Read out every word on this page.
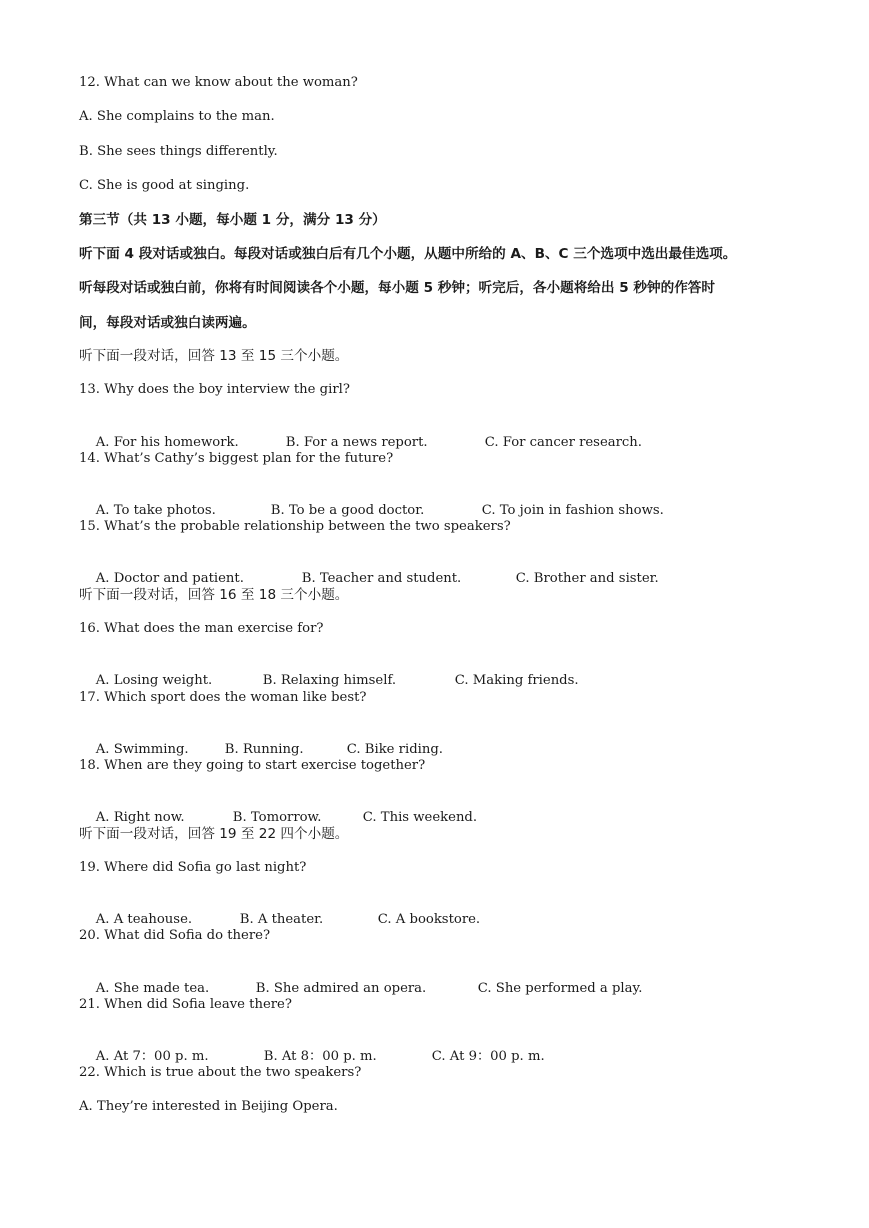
12. What can we know about the woman?
A. She complains to the man.
B. She sees things differently.
C. She is good at singing.
第三节（共 13 小题，每小题 1 分，满分 13 分）
听下面 4 段对话或独白。每段对话或独白后有几个小题，从题中所给的 A、B、C 三个选项中选出最佳选项。
听每段对话或独白前，你将有时间阅读各个小题，每小题 5 秒钟；听完后，各小题将给出 5 秒钟的作答时
间，每段对话或独白读两遍。
听下面一段对话，回答 13 至 15 三个小题。
13. Why does the boy interview the girl?

A. For his homework.	B. For a news report.	C. For cancer research.

14. What’s Cathy’s biggest plan for the future?

A. To take photos.	B. To be a good doctor.	C. To join in fashion shows.

15. What’s the probable relationship between the two speakers?

A. Doctor and patient.	B. Teacher and student.	C. Brother and sister.

听下面一段对话，回答 16 至 18 三个小题。
16. What does the man exercise for?

A. Losing weight.	B. Relaxing himself.	C. Making friends.

17. Which sport does the woman like best?

A. Swimming.	B. Running.	C. Bike riding.

18. When are they going to start exercise together?

A. Right now.	B. Tomorrow.	C. This weekend.

听下面一段对话，回答 19 至 22 四个小题。
19. Where did Sofia go last night?

A. A teahouse.	B. A theater.	C. A bookstore.

20. What did Sofia do there?

A. She made tea.	B. She admired an opera.	C. She performed a play.

21. When did Sofia leave there?

A. At 7：00 p. m.	B. At 8：00 p. m.	C. At 9：00 p. m.

22. Which is true about the two speakers?
A. They’re interested in Beijing Opera.
